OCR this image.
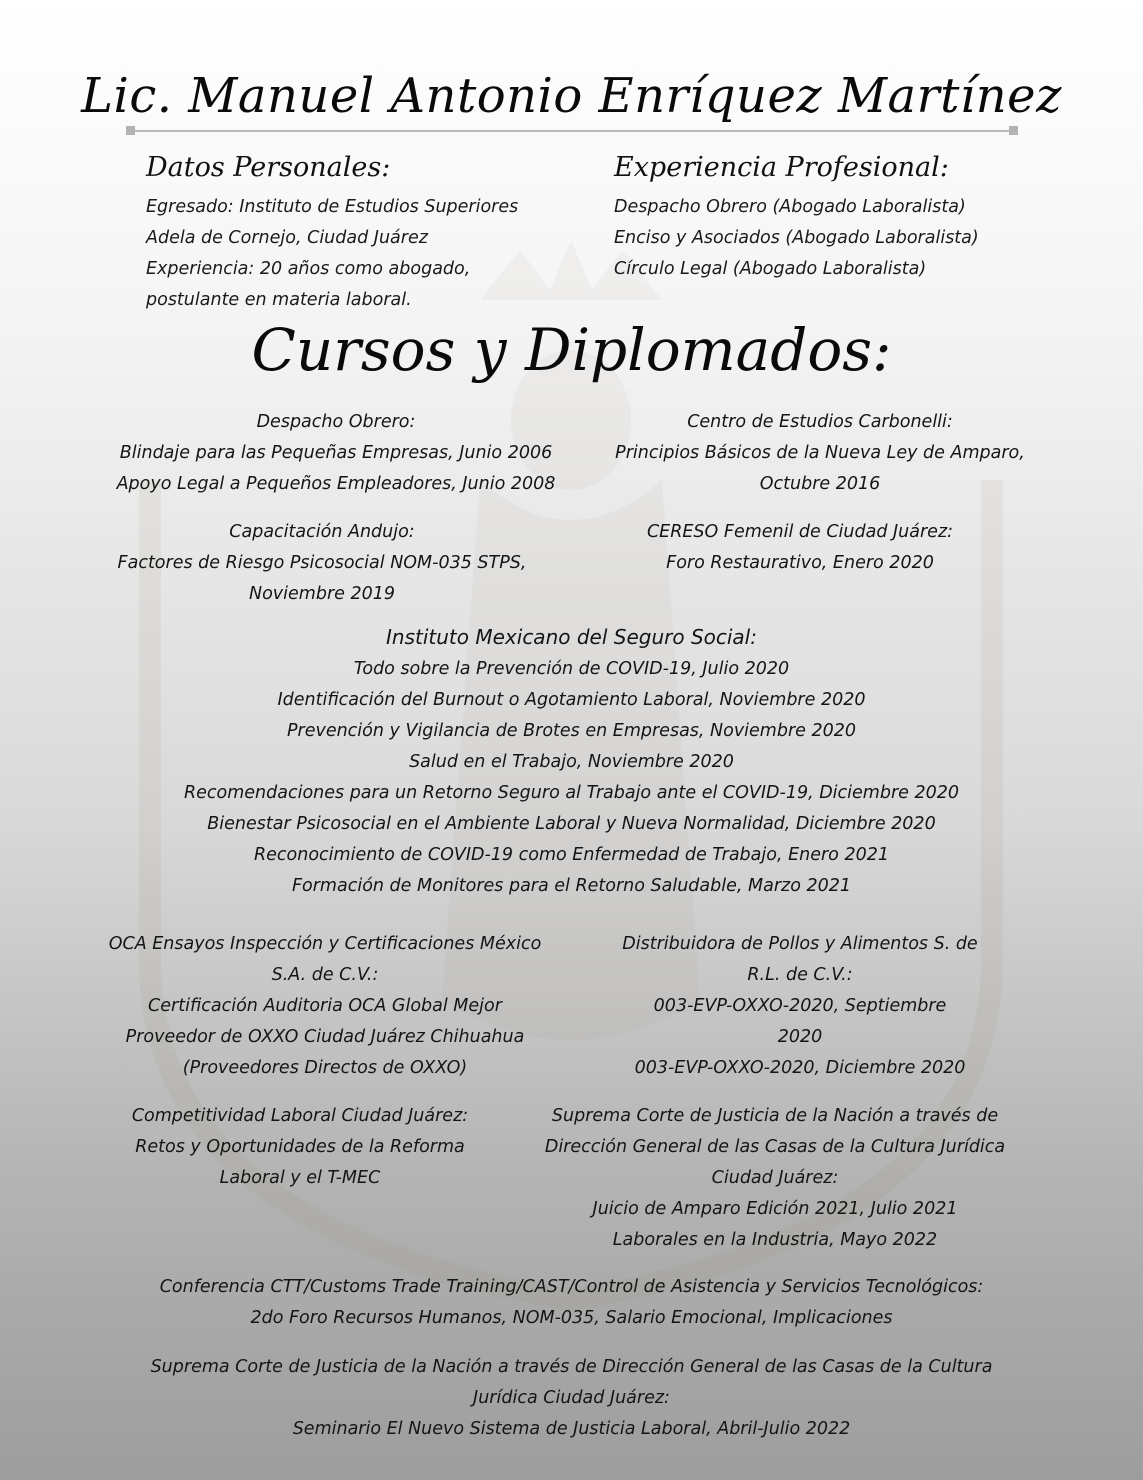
Lic. Manuel Antonio Enríquez Martínez
Datos Personales:
Egresado: Instituto de Estudios Superiores
Adela de Cornejo, Ciudad Juárez
Experiencia: 20 años como abogado,
postulante en materia laboral.
Experiencia Profesional:
Despacho Obrero (Abogado Laboralista)
Enciso y Asociados (Abogado Laboralista)
Círculo Legal (Abogado Laboralista)
Cursos y Diplomados:
Despacho Obrero:
Blindaje para las Pequeñas Empresas, Junio 2006
Apoyo Legal a Pequeños Empleadores, Junio 2008
Centro de Estudios Carbonelli:
Principios Básicos de la Nueva Ley de Amparo,
Octubre 2016
Capacitación Andujo:
Factores de Riesgo Psicosocial NOM-035 STPS,
Noviembre 2019
CERESO Femenil de Ciudad Juárez:
Foro Restaurativo, Enero 2020
Instituto Mexicano del Seguro Social:
Todo sobre la Prevención de COVID-19, Julio 2020
Identificación del Burnout o Agotamiento Laboral, Noviembre 2020
Prevención y Vigilancia de Brotes en Empresas, Noviembre 2020
Salud en el Trabajo, Noviembre 2020
Recomendaciones para un Retorno Seguro al Trabajo ante el COVID-19, Diciembre 2020
Bienestar Psicosocial en el Ambiente Laboral y Nueva Normalidad, Diciembre 2020
Reconocimiento de COVID-19 como Enfermedad de Trabajo, Enero 2021
Formación de Monitores para el Retorno Saludable, Marzo 2021
OCA Ensayos Inspección y Certificaciones México
S.A. de C.V.:
Certificación Auditoria OCA Global Mejor
Proveedor de OXXO Ciudad Juárez Chihuahua
(Proveedores Directos de OXXO)
Distribuidora de Pollos y Alimentos S. de
R.L. de C.V.:
003-EVP-OXXO-2020, Septiembre
2020
003-EVP-OXXO-2020, Diciembre 2020
Competitividad Laboral Ciudad Juárez:
Retos y Oportunidades de la Reforma
Laboral y el T-MEC
Suprema Corte de Justicia de la Nación a través de
Dirección General de las Casas de la Cultura Jurídica
Ciudad Juárez:
Juicio de Amparo Edición 2021, Julio 2021
Laborales en la Industria, Mayo 2022
Conferencia CTT/Customs Trade Training/CAST/Control de Asistencia y Servicios Tecnológicos:
2do Foro Recursos Humanos, NOM-035, Salario Emocional, Implicaciones
Suprema Corte de Justicia de la Nación a través de Dirección General de las Casas de la Cultura
Jurídica Ciudad Juárez:
Seminario El Nuevo Sistema de Justicia Laboral, Abril-Julio 2022
